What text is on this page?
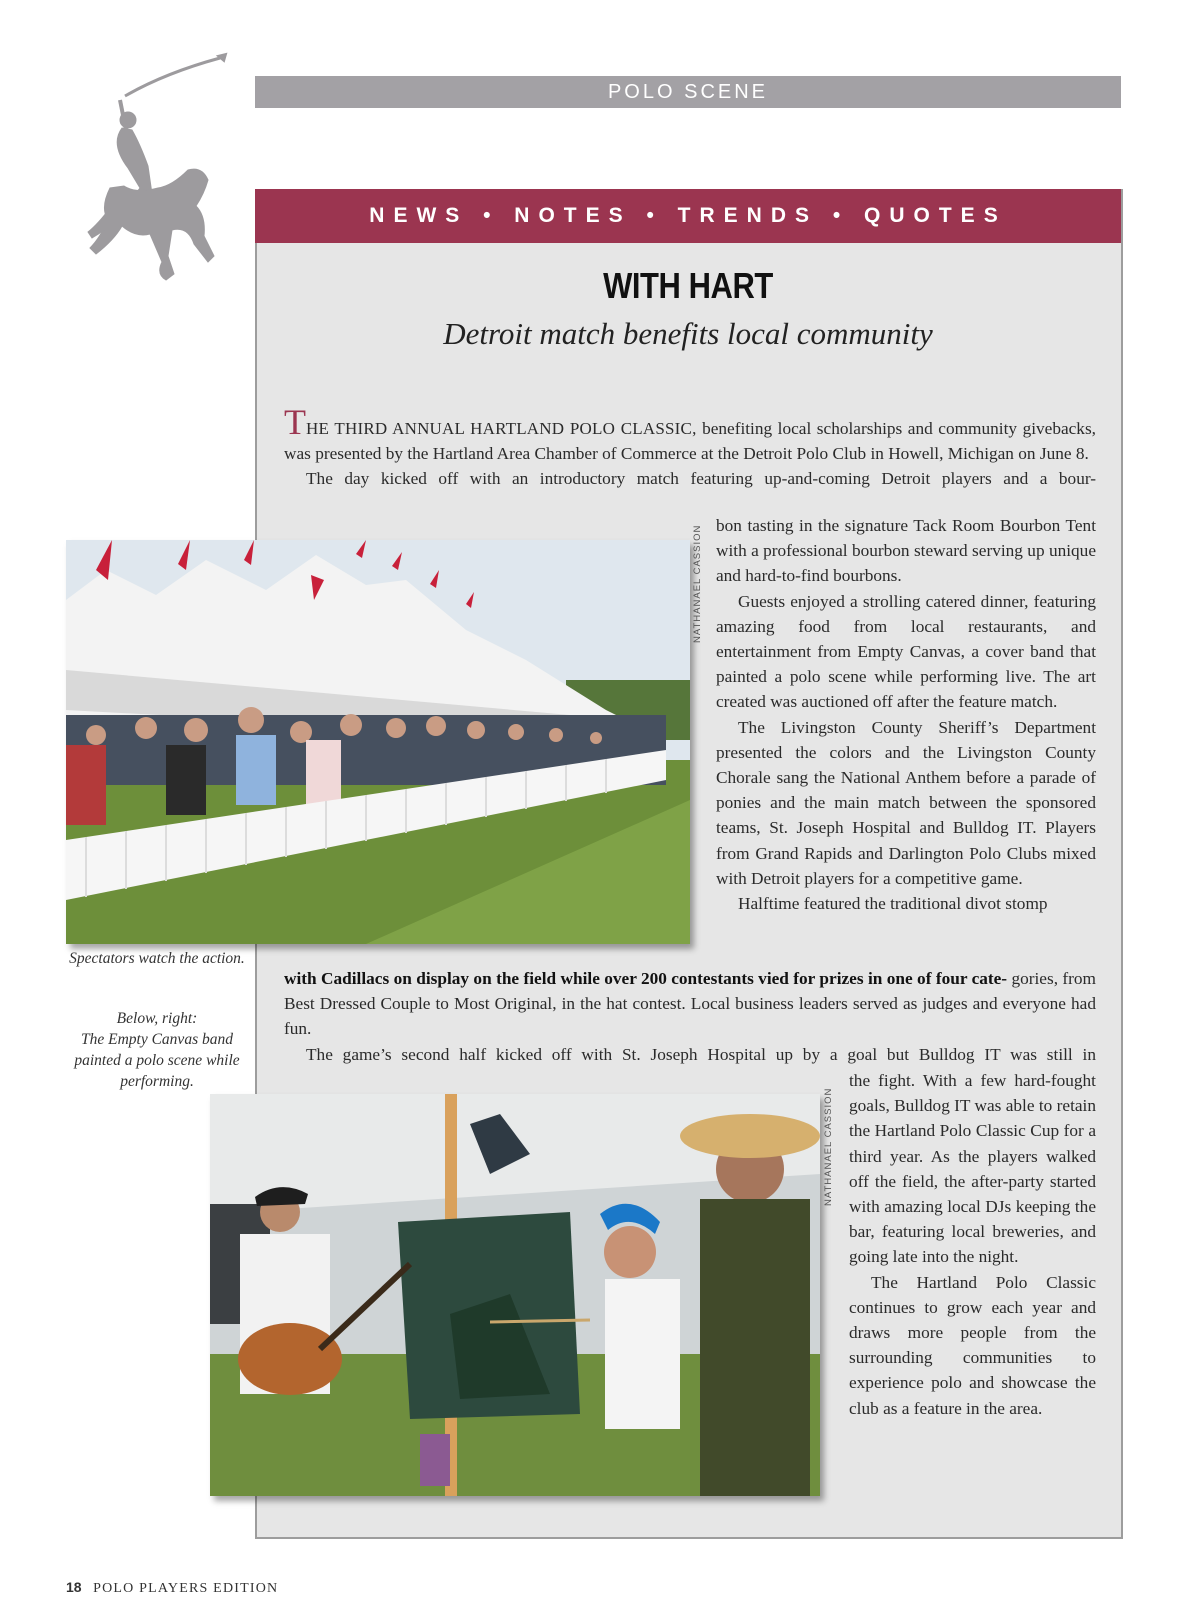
POLO SCENE
NEWS • NOTES • TRENDS • QUOTES
WITH HART
Detroit match benefits local community

THE THIRD ANNUAL HARTLAND POLO CLASSIC, benefiting local scholarships and community givebacks, was presented by the Hartland Area Chamber of Commerce at the Detroit Polo Club in Howell, Michigan on June 8.

The day kicked off with an introductory match featuring up-and-coming Detroit players and a bour-

bon tasting in the signature Tack Room Bourbon Tent with a professional bourbon steward serving up unique and hard-to-find bourbons.

Guests enjoyed a strolling catered dinner, featuring amazing food from local restaurants, and entertainment from Empty Canvas, a cover band that painted a polo scene while performing live. The art created was auctioned off after the feature match.

The Livingston County Sheriff’s Department presented the colors and the Livingston County Chorale sang the National Anthem before a parade of ponies and the main match between the sponsored teams, St. Joseph Hospital and Bulldog IT. Players from Grand Rapids and Darlington Polo Clubs mixed with Detroit players for a competitive game.

Halftime featured the traditional divot stomp

with Cadillacs on display on the field while over 200 contestants vied for prizes in one of four cate- gories, from Best Dressed Couple to Most Original, in the hat contest. Local business leaders served as judges and everyone had fun.

The game’s second half kicked off with St. Joseph Hospital up by a goal but Bulldog IT was still in

the fight. With a few hard-fought goals, Bulldog IT was able to retain the Hartland Polo Classic Cup for a third year. As the players walked off the field, the after-party started with amazing local DJs keeping the bar, featuring local breweries, and going late into the night.

The Hartland Polo Classic continues to grow each year and draws more people from the surrounding communities to experience polo and showcase the club as a feature in the area.

NATHANAEL CASSION
NATHANAEL CASSION

Spectators watch the action.

Below, right:

The Empty Canvas band painted a polo scene while performing.

18 POLO PLAYERS EDITION
